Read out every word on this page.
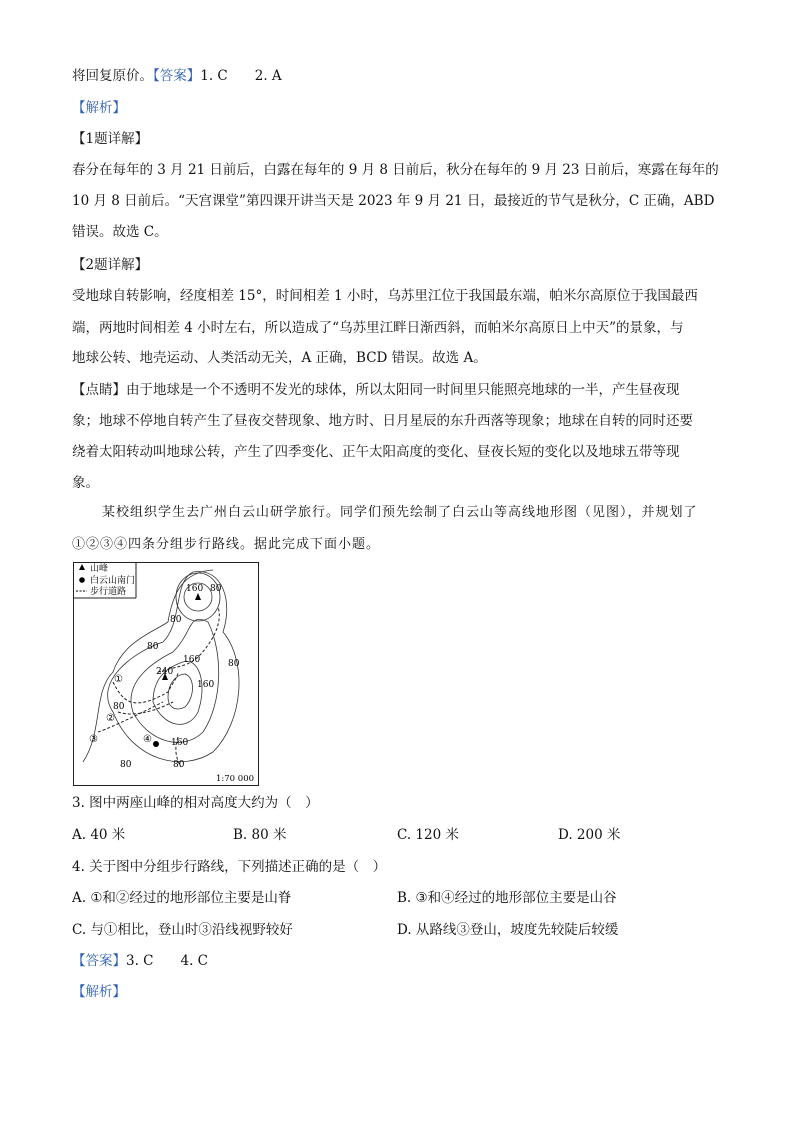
将回复原价。【答案】1. C　　2. A
【解析】
【1题详解】
春分在每年的 3 月 21 日前后，白露在每年的 9 月 8 日前后，秋分在每年的 9 月 23 日前后，寒露在每年的
10 月 8 日前后。“天宫课堂”第四课开讲当天是 2023 年 9 月 21 日，最接近的节气是秋分，C 正确，ABD
错误。故选 C。
【2题详解】
受地球自转影响，经度相差 15°，时间相差 1 小时，乌苏里江位于我国最东端，帕米尔高原位于我国最西
端，两地时间相差 4 小时左右，所以造成了“乌苏里江畔日渐西斜，而帕米尔高原日上中天”的景象，与
地球公转、地壳运动、人类活动无关，A 正确，BCD 错误。故选 A。
【点睛】由于地球是一个不透明不发光的球体，所以太阳同一时间里只能照亮地球的一半，产生昼夜现
象；地球不停地自转产生了昼夜交替现象、地方时、日月星辰的东升西落等现象；地球在自转的同时还要
绕着太阳转动叫地球公转，产生了四季变化、正午太阳高度的变化、昼夜长短的变化以及地球五带等现
象。
某校组织学生去广州白云山研学旅行。同学们预先绘制了白云山等高线地形图（见图），并规划了
①②③④四条分组步行路线。据此完成下面小题。
山峰
白云山南门
步行道路	160 80
80
80
160	80
240
160
80
160
80	80
①
②
③	④
1:70 000
3. 图中两座山峰的相对高度大约为（　）
A. 40 米	B. 80 米	C. 120 米	D. 200 米
4. 关于图中分组步行路线，下列描述正确的是（　）
A. ①和②经过的地形部位主要是山脊	B. ③和④经过的地形部位主要是山谷
C. 与①相比，登山时③沿线视野较好	D. 从路线③登山，坡度先较陡后较缓
【答案】3. C　　4. C
【解析】
